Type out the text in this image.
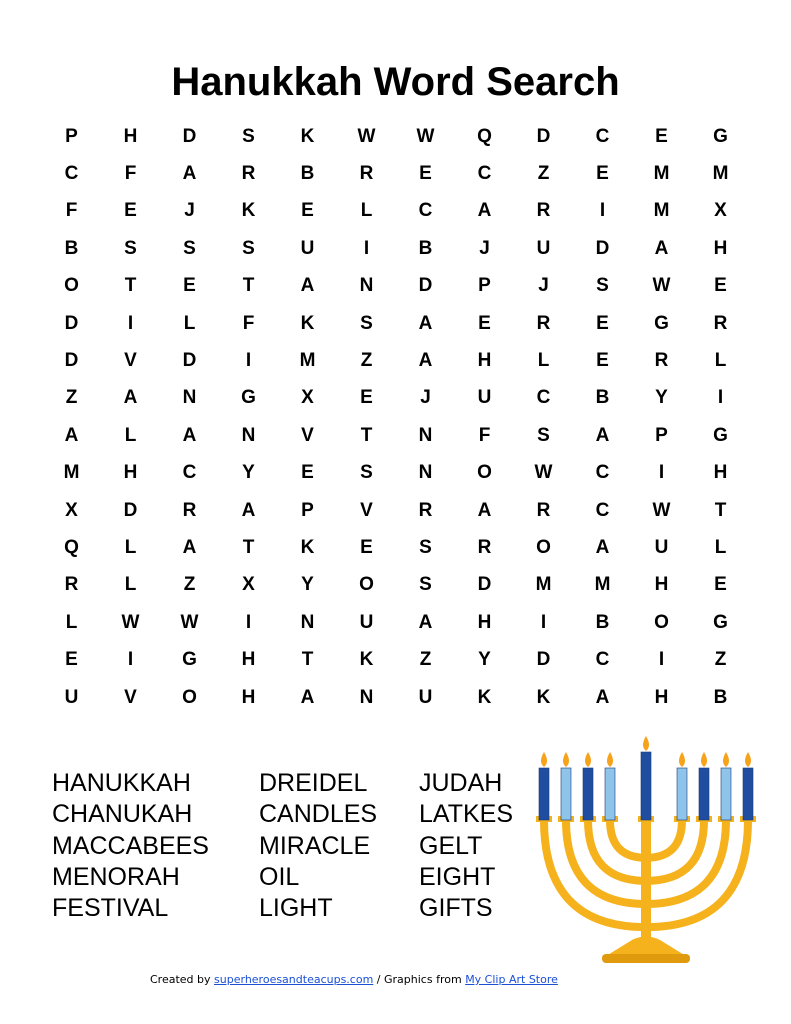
Hanukkah Word Search
P	H	D	S	K	W	W	Q	D	C	E	G
C	F	A	R	B	R	E	C	Z	E	M	M
F	E	J	K	E	L	C	A	R	I	M	X
B	S	S	S	U	I	B	J	U	D	A	H
O	T	E	T	A	N	D	P	J	S	W	E
D	I	L	F	K	S	A	E	R	E	G	R
D	V	D	I	M	Z	A	H	L	E	R	L
Z	A	N	G	X	E	J	U	C	B	Y	I
A	L	A	N	V	T	N	F	S	A	P	G
M	H	C	Y	E	S	N	O	W	C	I	H
X	D	R	A	P	V	R	A	R	C	W	T
Q	L	A	T	K	E	S	R	O	A	U	L
R	L	Z	X	Y	O	S	D	M	M	H	E
L	W	W	I	N	U	A	H	I	B	O	G
E	I	G	H	T	K	Z	Y	D	C	I	Z
U	V	O	H	A	N	U	K	K	A	H	B
HANUKKAH
CHANUKAH
MACCABEES
MENORAH
FESTIVAL
DREIDEL
CANDLES
MIRACLE
OIL
LIGHT
JUDAH
LATKES
GELT
EIGHT
GIFTS
Created by superheroesandteacups.com / Graphics from My Clip Art Store
